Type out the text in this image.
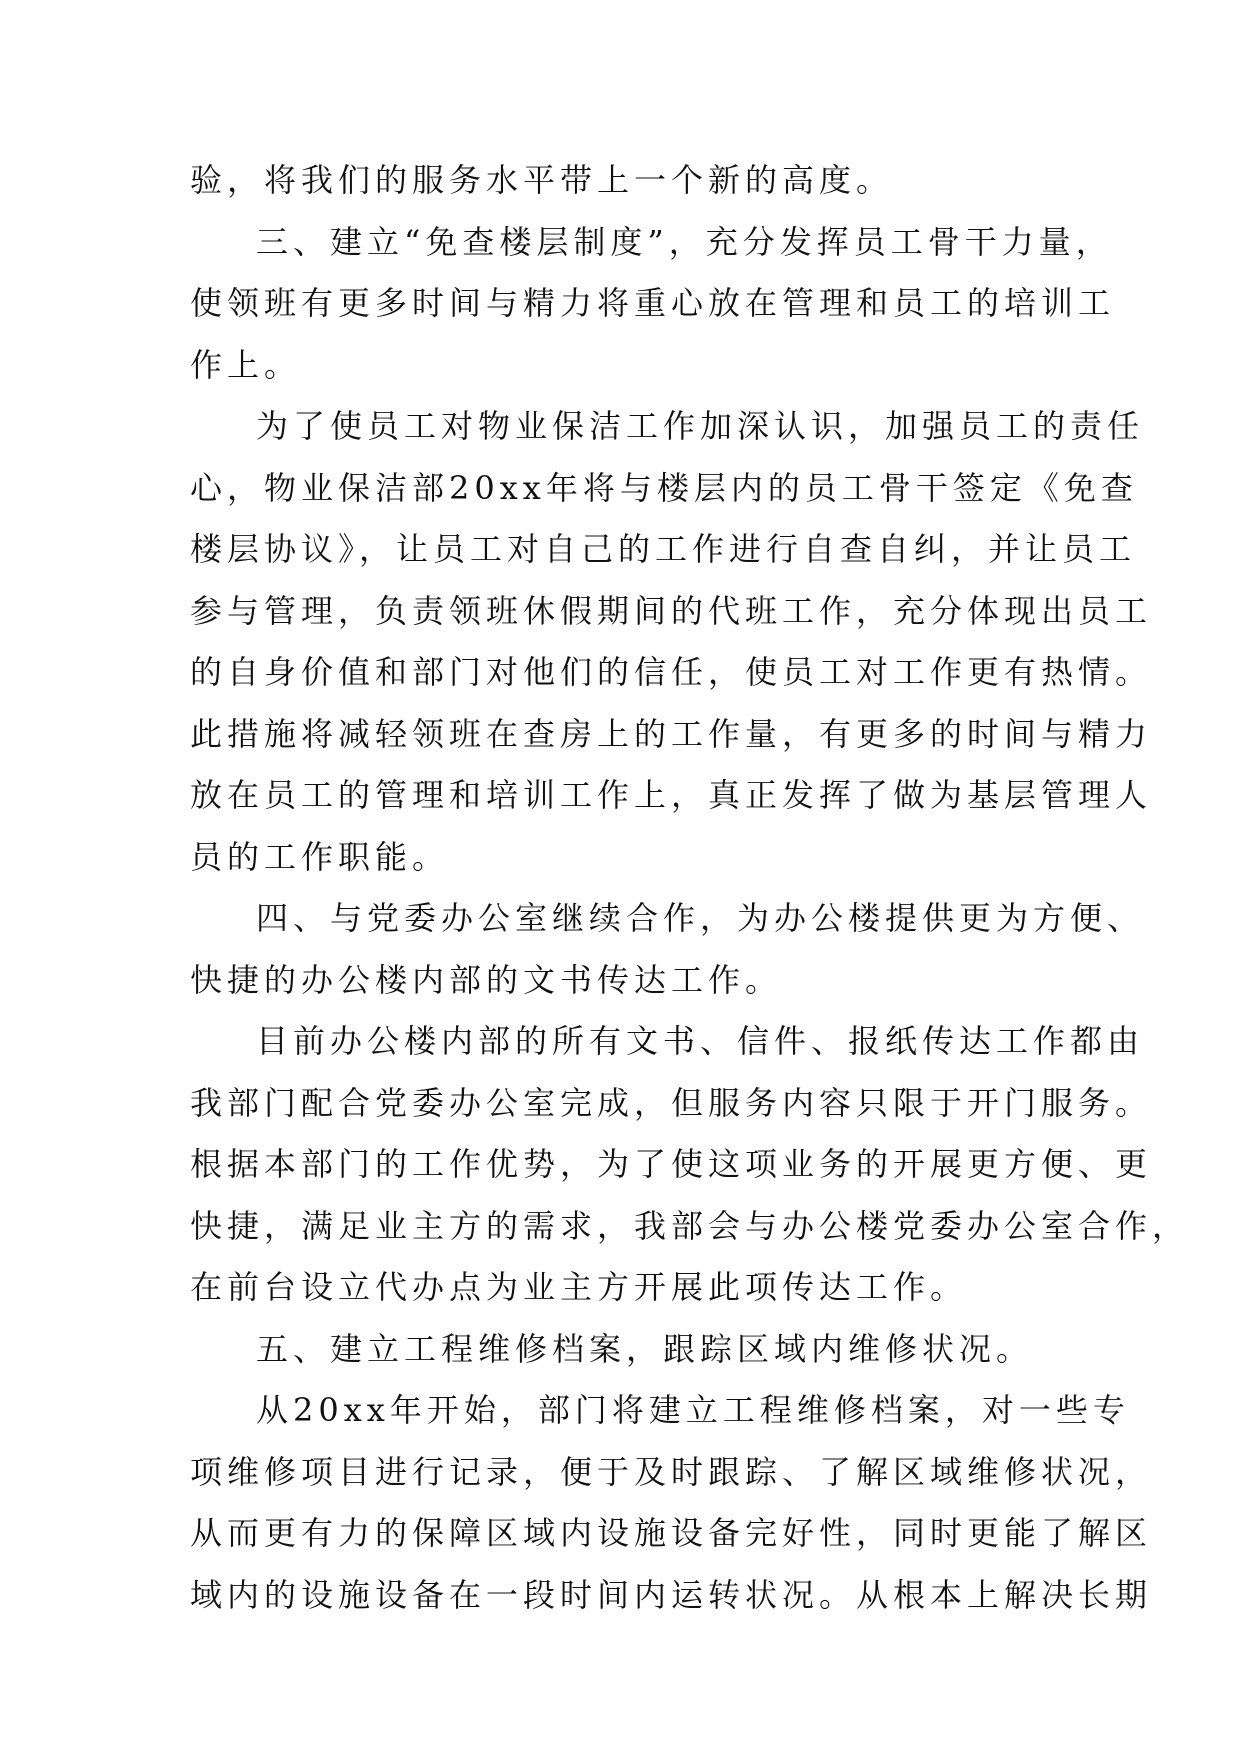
验，将我们的服务水平带上一个新的高度。
三、建立“免查楼层制度”，充分发挥员工骨干力量，
使领班有更多时间与精力将重心放在管理和员工的培训工
作上。
为了使员工对物业保洁工作加深认识，加强员工的责任
心，物业保洁部20xx年将与楼层内的员工骨干签定《免查
楼层协议》，让员工对自己的工作进行自查自纠，并让员工
参与管理，负责领班休假期间的代班工作，充分体现出员工
的自身价值和部门对他们的信任，使员工对工作更有热情。
此措施将减轻领班在查房上的工作量，有更多的时间与精力
放在员工的管理和培训工作上，真正发挥了做为基层管理人
员的工作职能。
四、与党委办公室继续合作，为办公楼提供更为方便、
快捷的办公楼内部的文书传达工作。
目前办公楼内部的所有文书、信件、报纸传达工作都由
我部门配合党委办公室完成，但服务内容只限于开门服务。
根据本部门的工作优势，为了使这项业务的开展更方便、更
快捷，满足业主方的需求，我部会与办公楼党委办公室合作，
在前台设立代办点为业主方开展此项传达工作。
五、建立工程维修档案，跟踪区域内维修状况。
从20xx年开始，部门将建立工程维修档案，对一些专
项维修项目进行记录，便于及时跟踪、了解区域维修状况，
从而更有力的保障区域内设施设备完好性，同时更能了解区
域内的设施设备在一段时间内运转状况。从根本上解决长期
